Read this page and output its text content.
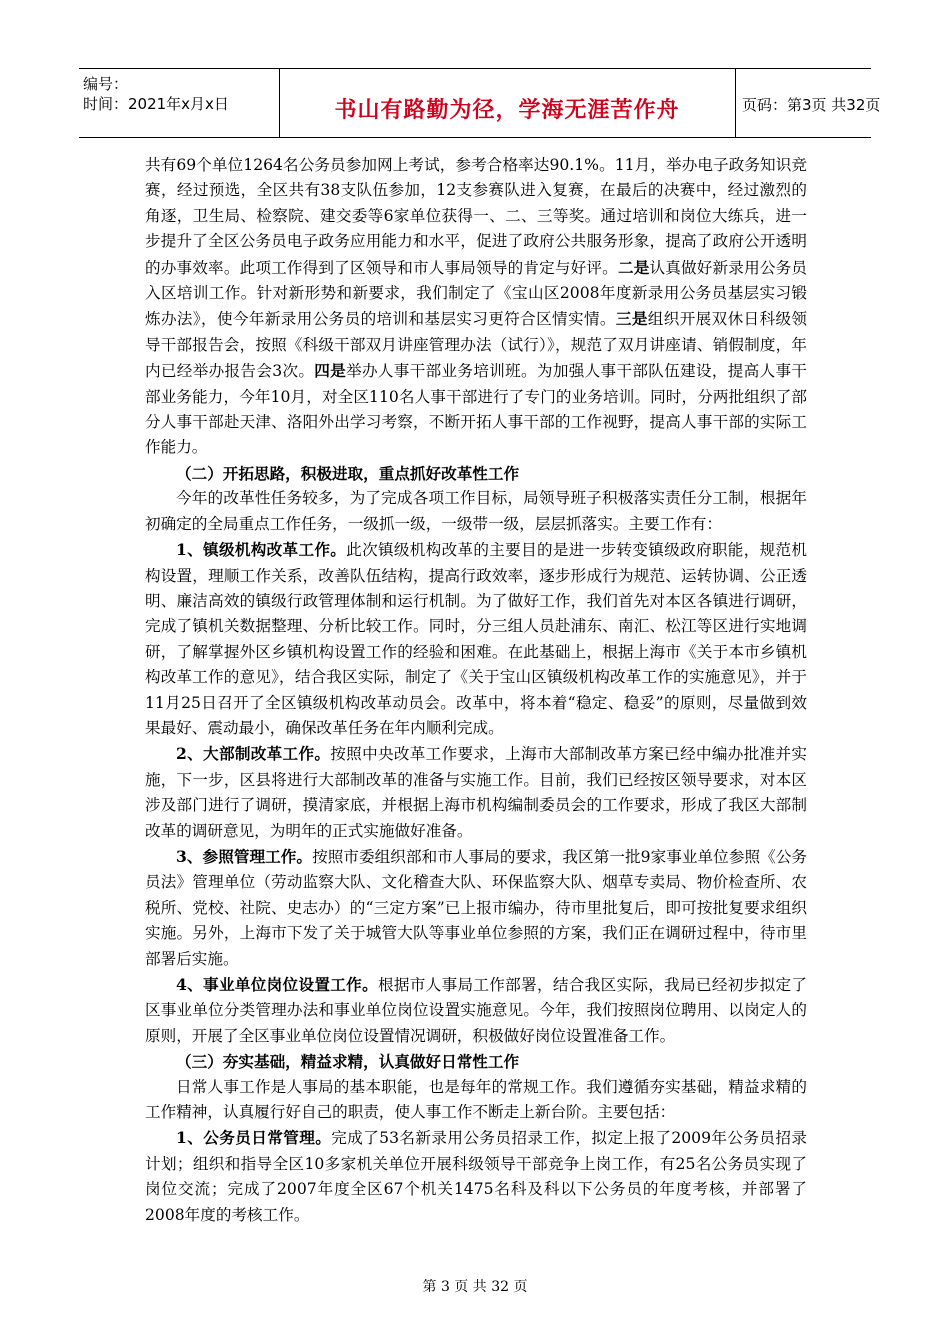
编号：
时间：2021年x月x日	书山有路勤为径，学海无涯苦作舟	页码：第3页 共32页

共有69个单位1264名公务员参加网上考试，参考合格率达90.1%。11月，举办电子政务知识竞赛，经过预选，全区共有38支队伍参加，12支参赛队进入复赛，在最后的决赛中，经过激烈的角逐，卫生局、检察院、建交委等6家单位获得一、二、三等奖。通过培训和岗位大练兵，进一步提升了全区公务员电子政务应用能力和水平，促进了政府公共服务形象，提高了政府公开透明的办事效率。此项工作得到了区领导和市人事局领导的肯定与好评。二是认真做好新录用公务员入区培训工作。针对新形势和新要求，我们制定了《宝山区2008年度新录用公务员基层实习锻炼办法》，使今年新录用公务员的培训和基层实习更符合区情实情。三是组织开展双休日科级领导干部报告会，按照《科级干部双月讲座管理办法（试行）》，规范了双月讲座请、销假制度，年内已经举办报告会3次。四是举办人事干部业务培训班。为加强人事干部队伍建设，提高人事干部业务能力，今年10月，对全区110名人事干部进行了专门的业务培训。同时，分两批组织了部分人事干部赴天津、洛阳外出学习考察，不断开拓人事干部的工作视野，提高人事干部的实际工作能力。

（二）开拓思路，积极进取，重点抓好改革性工作

今年的改革性任务较多，为了完成各项工作目标，局领导班子积极落实责任分工制，根据年初确定的全局重点工作任务，一级抓一级，一级带一级，层层抓落实。主要工作有：

1、镇级机构改革工作。此次镇级机构改革的主要目的是进一步转变镇级政府职能，规范机构设置，理顺工作关系，改善队伍结构，提高行政效率，逐步形成行为规范、运转协调、公正透明、廉洁高效的镇级行政管理体制和运行机制。为了做好工作，我们首先对本区各镇进行调研，完成了镇机关数据整理、分析比较工作。同时，分三组人员赴浦东、南汇、松江等区进行实地调研，了解掌握外区乡镇机构设置工作的经验和困难。在此基础上，根据上海市《关于本市乡镇机构改革工作的意见》，结合我区实际，制定了《关于宝山区镇级机构改革工作的实施意见》，并于11月25日召开了全区镇级机构改革动员会。改革中，将本着“稳定、稳妥”的原则，尽量做到效果最好、震动最小，确保改革任务在年内顺利完成。

2、大部制改革工作。按照中央改革工作要求，上海市大部制改革方案已经中编办批准并实施，下一步，区县将进行大部制改革的准备与实施工作。目前，我们已经按区领导要求，对本区涉及部门进行了调研，摸清家底，并根据上海市机构编制委员会的工作要求，形成了我区大部制改革的调研意见，为明年的正式实施做好准备。

3、参照管理工作。按照市委组织部和市人事局的要求，我区第一批9家事业单位参照《公务员法》管理单位（劳动监察大队、文化稽查大队、环保监察大队、烟草专卖局、物价检查所、农税所、党校、社院、史志办）的“三定方案”已上报市编办，待市里批复后，即可按批复要求组织实施。另外，上海市下发了关于城管大队等事业单位参照的方案，我们正在调研过程中，待市里部署后实施。

4、事业单位岗位设置工作。根据市人事局工作部署，结合我区实际，我局已经初步拟定了区事业单位分类管理办法和事业单位岗位设置实施意见。今年，我们按照岗位聘用、以岗定人的原则，开展了全区事业单位岗位设置情况调研，积极做好岗位设置准备工作。

（三）夯实基础，精益求精，认真做好日常性工作

日常人事工作是人事局的基本职能，也是每年的常规工作。我们遵循夯实基础，精益求精的工作精神，认真履行好自己的职责，使人事工作不断走上新台阶。主要包括：

1、公务员日常管理。完成了53名新录用公务员招录工作，拟定上报了2009年公务员招录计划；组织和指导全区10多家机关单位开展科级领导干部竞争上岗工作，有25名公务员实现了岗位交流；完成了2007年度全区67个机关1475名科及科以下公务员的年度考核，并部署了2008年度的考核工作。

第 3 页 共 32 页
